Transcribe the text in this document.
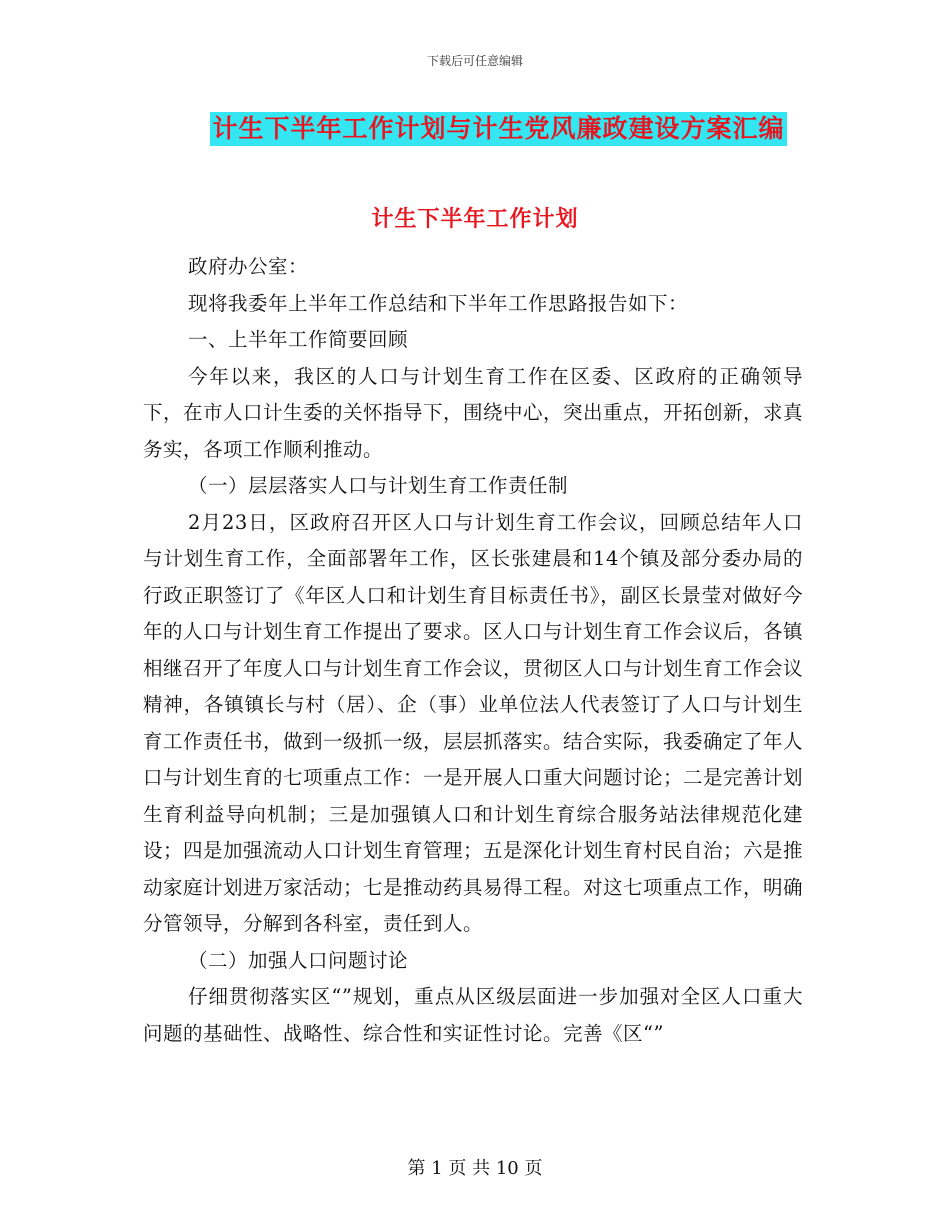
下载后可任意编辑
计生下半年工作计划与计生党风廉政建设方案汇编
计生下半年工作计划

政府办公室：

现将我委年上半年工作总结和下半年工作思路报告如下：

一、上半年工作简要回顾

今年以来，我区的人口与计划生育工作在区委、区政府的正确领导下，在市人口计生委的关怀指导下，围绕中心，突出重点，开拓创新，求真务实，各项工作顺利推动。

（一）层层落实人口与计划生育工作责任制

2月23日，区政府召开区人口与计划生育工作会议，回顾总结年人口与计划生育工作，全面部署年工作，区长张建晨和14个镇及部分委办局的行政正职签订了《年区人口和计划生育目标责任书》，副区长景莹对做好今年的人口与计划生育工作提出了要求。区人口与计划生育工作会议后，各镇相继召开了年度人口与计划生育工作会议，贯彻区人口与计划生育工作会议精神，各镇镇长与村（居）、企（事）业单位法人代表签订了人口与计划生育工作责任书，做到一级抓一级，层层抓落实。结合实际，我委确定了年人口与计划生育的七项重点工作：一是开展人口重大问题讨论；二是完善计划生育利益导向机制；三是加强镇人口和计划生育综合服务站法律规范化建设；四是加强流动人口计划生育管理；五是深化计划生育村民自治；六是推动家庭计划进万家活动；七是推动药具易得工程。对这七项重点工作，明确分管领导，分解到各科室，责任到人。

（二）加强人口问题讨论

仔细贯彻落实区“”规划，重点从区级层面进一步加强对全区人口重大问题的基础性、战略性、综合性和实证性讨论。完善《区“”

第 1 页 共 10 页
